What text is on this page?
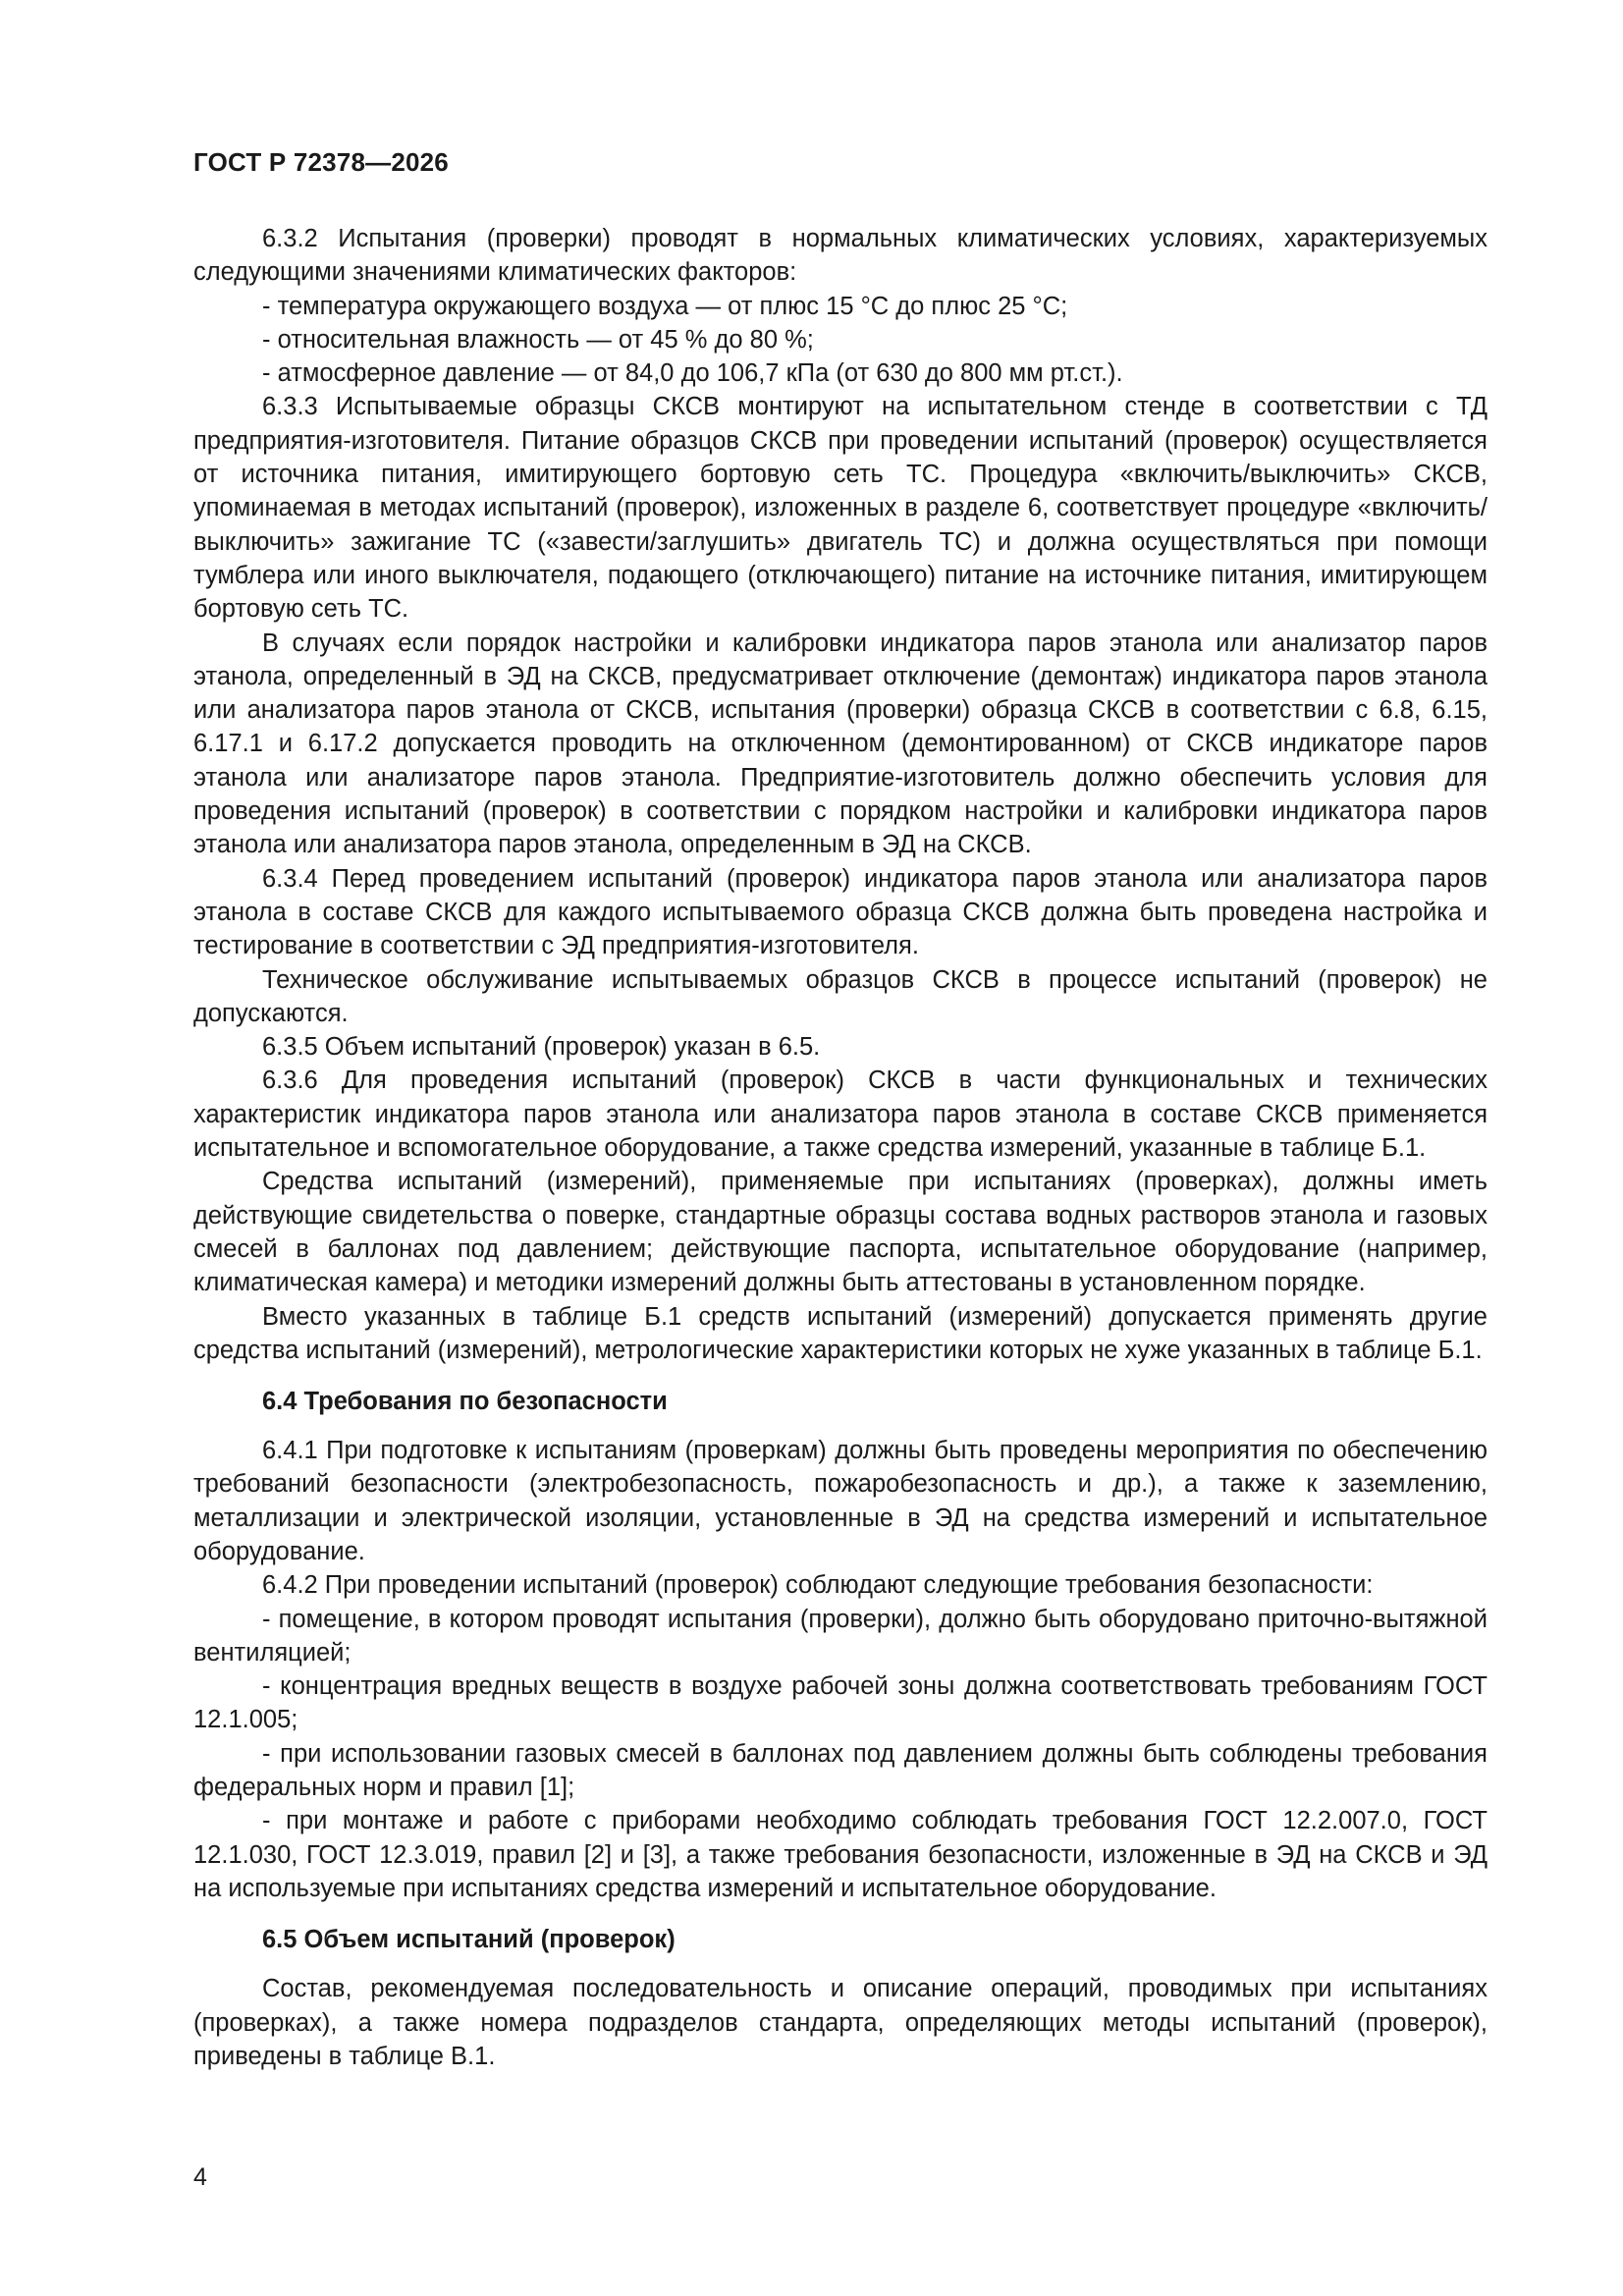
ГОСТ Р 72378—2026

6.3.2 Испытания (проверки) проводят в нормальных климатических условиях, характеризуемых следующими значениями климатических факторов:

- температура окружающего воздуха — от плюс 15 °С до плюс 25 °С;

- относительная влажность — от 45 % до 80 %;

- атмосферное давление — от 84,0 до 106,7 кПа (от 630 до 800 мм рт.ст.).

6.3.3 Испытываемые образцы СКСВ монтируют на испытательном стенде в соответствии с ТД предприятия-изготовителя. Питание образцов СКСВ при проведении испытаний (проверок) осуществляется от источника питания, имитирующего бортовую сеть ТС. Процедура «включить/выключить» СКСВ, упоминаемая в методах испытаний (проверок), изложенных в разделе 6, соответствует процедуре «включить/выключить» зажигание ТС («завести/заглушить» двигатель ТС) и должна осуществляться при помощи тумблера или иного выключателя, подающего (отключающего) питание на источнике питания, имитирующем бортовую сеть ТС.

В случаях если порядок настройки и калибровки индикатора паров этанола или анализатор паров этанола, определенный в ЭД на СКСВ, предусматривает отключение (демонтаж) индикатора паров этанола или анализатора паров этанола от СКСВ, испытания (проверки) образца СКСВ в соответствии с 6.8, 6.15, 6.17.1 и 6.17.2 допускается проводить на отключенном (демонтированном) от СКСВ индикаторе паров этанола или анализаторе паров этанола. Предприятие-изготовитель должно обеспечить условия для проведения испытаний (проверок) в соответствии с порядком настройки и калибровки индикатора паров этанола или анализатора паров этанола, определенным в ЭД на СКСВ.

6.3.4 Перед проведением испытаний (проверок) индикатора паров этанола или анализатора паров этанола в составе СКСВ для каждого испытываемого образца СКСВ должна быть проведена настройка и тестирование в соответствии с ЭД предприятия-изготовителя.

Техническое обслуживание испытываемых образцов СКСВ в процессе испытаний (проверок) не допускаются.

6.3.5 Объем испытаний (проверок) указан в 6.5.

6.3.6 Для проведения испытаний (проверок) СКСВ в части функциональных и технических характеристик индикатора паров этанола или анализатора паров этанола в составе СКСВ применяется испытательное и вспомогательное оборудование, а также средства измерений, указанные в таблице Б.1.

Средства испытаний (измерений), применяемые при испытаниях (проверках), должны иметь действующие свидетельства о поверке, стандартные образцы состава водных растворов этанола и газовых смесей в баллонах под давлением; действующие паспорта, испытательное оборудование (например, климатическая камера) и методики измерений должны быть аттестованы в установленном порядке.

Вместо указанных в таблице Б.1 средств испытаний (измерений) допускается применять другие средства испытаний (измерений), метрологические характеристики которых не хуже указанных в таблице Б.1.

6.4 Требования по безопасности

6.4.1 При подготовке к испытаниям (проверкам) должны быть проведены мероприятия по обеспечению требований безопасности (электробезопасность, пожаробезопасность и др.), а также к заземлению, металлизации и электрической изоляции, установленные в ЭД на средства измерений и испытательное оборудование.

6.4.2 При проведении испытаний (проверок) соблюдают следующие требования безопасности:

- помещение, в котором проводят испытания (проверки), должно быть оборудовано приточно-вытяжной вентиляцией;

- концентрация вредных веществ в воздухе рабочей зоны должна соответствовать требованиям ГОСТ 12.1.005;

- при использовании газовых смесей в баллонах под давлением должны быть соблюдены требования федеральных норм и правил [1];

- при монтаже и работе с приборами необходимо соблюдать требования ГОСТ 12.2.007.0, ГОСТ 12.1.030, ГОСТ 12.3.019, правил [2] и [3], а также требования безопасности, изложенные в ЭД на СКСВ и ЭД на используемые при испытаниях средства измерений и испытательное оборудование.

6.5 Объем испытаний (проверок)

Состав, рекомендуемая последовательность и описание операций, проводимых при испытаниях (проверках), а также номера подразделов стандарта, определяющих методы испытаний (проверок), приведены в таблице В.1.

4
